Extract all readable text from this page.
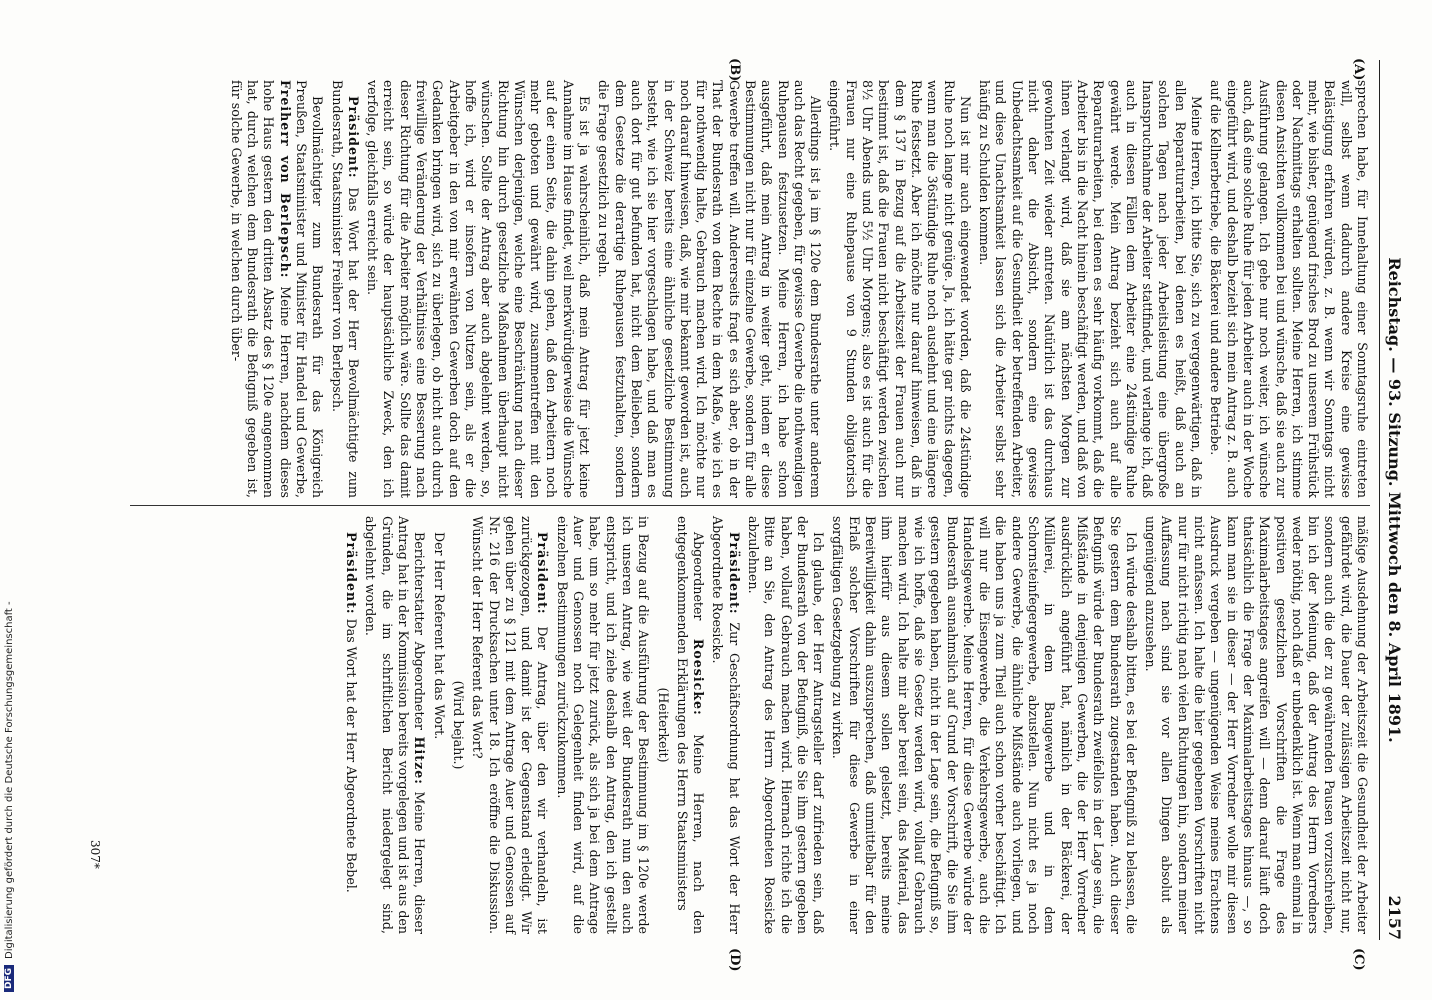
Reichstag. — 93. Sitzung. Mittwoch den 8. April 1891.
2157
(A)
(B)
(C)
(D)

sprechen habe, für Innehaltung einer Sonntagsruhe eintreten will, selbst wenn dadurch andere Kreise eine gewisse Belästigung erfahren würden, z. B. wenn wir Sonntags nicht mehr, wie bisher, genügend frisches Brod zu unserem Frühstück oder Nachmittags erhalten sollten. Meine Herren, ich stimme diesen Ansichten vollkommen bei und wünsche, daß sie auch zur Ausführung gelangen. Ich gehe nur noch weiter, ich wünsche auch, daß eine solche Ruhe für jeden Arbeiter auch in der Woche eingeführt wird, und deshalb bezieht sich mein Antrag z. B. auch auf die Kellnerbetriebe, die Bäckerei und andere Betriebe.

Meine Herren, ich bitte Sie, sich zu vergegenwärtigen, daß in allen Reparaturarbeiten, bei denen es heißt, daß auch an solchen Tagen nach jeder Arbeitsleistung eine übergroße Inanspruchnahme der Arbeiter stattfindet, und verlange ich, daß auch in diesen Fällen dem Arbeiter eine 24stündige Ruhe gewährt werde. Mein Antrag bezieht sich auch auf alle Reparaturarbeiten, bei denen es sehr häufig vorkommt, daß die Arbeiter bis in die Nacht hinein beschäftigt werden, und daß von ihnen verlangt wird, daß sie am nächsten Morgen zur gewohnten Zeit wieder antreten. Natürlich ist das durchaus nicht daher die Absicht, sondern eine gewisse Unbedachtsamkeit auf die Gesundheit der betreffenden Arbeiter, und diese Unachtsamkeit lassen sich die Arbeiter selbst sehr häufig zu Schulden kommen.

Nun ist mir auch eingewendet worden, daß die 24stündige Ruhe noch lange nicht genüge. Ja, ich hätte gar nichts dagegen, wenn man die 36stündige Ruhe noch ausdehnt und eine längere Ruhe festsetzt. Aber ich möchte nur darauf hinweisen, daß in dem § 137 in Bezug auf die Arbeitszeit der Frauen auch nur bestimmt ist, daß die Frauen nicht beschäftigt werden zwischen 8½ Uhr Abends und 5½ Uhr Morgens; also es ist auch für die Frauen nur eine Ruhepause von 9 Stunden obligatorisch eingeführt.

Allerdings ist ja im § 120e dem Bundesrathe unter anderem auch das Recht gegeben, für gewisse Gewerbe die nothwendigen Ruhepausen festzusetzen. Meine Herren, ich habe schon ausgeführt, daß mein Antrag in weiter geht, indem er diese Bestimmungen nicht nur für einzelne Gewerbe, sondern für alle Gewerbe treffen will. Andererseits fragt es sich aber, ob in der That der Bundesrath von dem Rechte in dem Maße, wie ich es für nothwendig halte, Gebrauch machen wird. Ich möchte nur noch darauf hinweisen, daß, wie mir bekannt geworden ist, auch in der Schweiz bereits eine ähnliche gesetzliche Bestimmung besteht, wie ich sie hier vorgeschlagen habe, und daß man es auch dort für gut befunden hat, nicht dem Belieben, sondern dem Gesetze die derartige Ruhepausen festzuhalten, sondern die Frage gesetzlich zu regeln.

Es ist ja wahrscheinlich, daß mein Antrag für jetzt keine Annahme im Hause findet, weil merkwürdigerweise die Wünsche auf der einen Seite, die dahin gehen, daß den Arbeitern noch mehr geboten und gewährt wird, zusammentreffen mit den Wünschen derjenigen, welche eine Beschränkung nach dieser Richtung hin durch gesetzliche Maßnahmen überhaupt nicht wünschen. Sollte der Antrag aber auch abgelehnt werden, so, hoffe ich, wird er insofern von Nutzen sein, als er die Arbeitgeber in den von mir erwähnten Gewerben doch auf den Gedanken bringen wird, sich zu überlegen, ob nicht auch durch freiwillige Veränderung der Verhältnisse eine Besserung nach dieser Richtung für die Arbeiter möglich wäre. Sollte das damit erreicht sein, so würde der hauptsächliche Zweck, den ich verfolge, gleichfalls erreicht sein.

Präsident: Das Wort hat der Herr Bevollmächtigte zum Bundesrath, Staatsminister Freiherr von Berlepsch.

Bevollmächtigter zum Bundesrath für das Königreich Preußen, Staatsminister und Minister für Handel und Gewerbe, Freiherr von Berlepsch: Meine Herren, nachdem dieses hohe Haus gestern den dritten Absatz des § 120e angenommen hat, durch welchen dem Bundesrath die Befugniß gegeben ist, für solche Gewerbe, in welchen durch über-

mäßige Ausdehnung der Arbeitszeit die Gesundheit der Arbeiter gefährdet wird, die Dauer der zulässigen Arbeitszeit nicht nur, sondern auch die der zu gewährenden Pausen vorzuschreiben, bin ich der Meinung, daß der Antrag des Herrn Vorredners weder nöthig, noch daß er unbedenklich ist. Wenn man einmal in positiven gesetzlichen Vorschriften die Frage des Maximalarbeitstages angreifen will — denn darauf läuft doch thatsächlich die Frage der Maximalarbeitstages hinaus —, so kann man sie in dieser — der Herr Vorredner wolle mir diesen Ausdruck vergeben — ungenügenden Weise meines Erachtens nicht anfassen. Ich halte die hier gegebenen Vorschriften nicht nur für nicht richtig nach vielen Richtungen hin, sondern meiner Auffassung nach sind sie vor allen Dingen absolut als ungenügend anzusehen.

Ich würde deshalb bitten, es bei der Befugniß zu belassen, die Sie gestern dem Bundesrath zugestanden haben. Auch dieser Befugniß würde der Bundesrath zweifellos in der Lage sein, die Mißstände in denjenigen Gewerben, die der Herr Vorredner ausdrücklich angeführt hat, nämlich in der Bäckerei, der Müllerei, in dem Baugewerbe und in dem Schornsteinfegergewerbe, abzustellen. Nun nicht es ja noch andere Gewerbe, die ähnliche Mißstände auch vorliegen, und die haben uns ja zum Theil auch schon vorher beschäftigt. Ich will nur die Eisengewerbe, die Verkehrsgewerbe, auch die Handelsgewerbe. Meine Herren, für diese Gewerbe würde der Bundesrath ausnahmslich auf Grund der Vorschrift, die Sie ihm gestern gegeben haben, nicht in der Lage sein, die Befugniß so, wie ich hoffe, daß sie Gesetz werden wird, vollauf Gebrauch machen wird. Ich halte mir aber bereit sein, das Material, das ihm hierfür aus diesem sollen gelsetzt, bereits meine Bereitwilligkeit dahin auszusprechen, daß unmittelbar für den Erlaß solcher Vorschriften für diese Gewerbe in einer sorgfältigen Gesetzgebung zu wirken.

Ich glaube, der Herr Antragsteller darf zufrieden sein, daß der Bundesrath von der Befugniß, die Sie ihm gestern gegeben haben, vollauf Gebrauch machen wird. Hiernach richte ich die Bitte an Sie, den Antrag des Herrn Abgeordneten Roesicke abzulehnen.

Präsident: Zur Geschäftsordnung hat das Wort der Herr Abgeordnete Roesicke.

Abgeordneter Roesicke: Meine Herren, nach den entgegenkommenden Erklärungen des Herrn Staatsministers

(Heiterkeit)

in Bezug auf die Ausführung der Bestimmung im § 120e werde ich unseren Antrag, wie weit der Bundesrath nun den auch entspricht, und ich ziehe deshalb den Antrag, den ich gestellt habe, um so mehr für jetzt zurück, als sich ja bei dem Antrage Auer und Genossen noch Gelegenheit finden wird, auf die einzelnen Bestimmungen zurückzukommen.

Präsident: Der Antrag, über den wir verhandeln, ist zurückgezogen, und damit ist der Gegenstand erledigt. Wir gehen über zu § 121 mit dem Antrage Auer und Genossen auf Nr. 216 der Drucksachen unter 18. Ich eröffne die Diskussion. Wünscht der Herr Referent das Wort?

(Wird bejaht.)

Der Herr Referent hat das Wort.

Berichterstatter Abgeordneter Hitze: Meine Herren, dieser Antrag hat in der Kommission bereits vorgelegen und ist aus den Gründen, die im schriftlichen Bericht niedergelegt sind, abgelehnt worden.

Präsident: Das Wort hat der Herr Abgeordnete Bebel.

307*
DFG
Digitalisierung gefördert durch die Deutsche Forschungsgemeinschaft -
